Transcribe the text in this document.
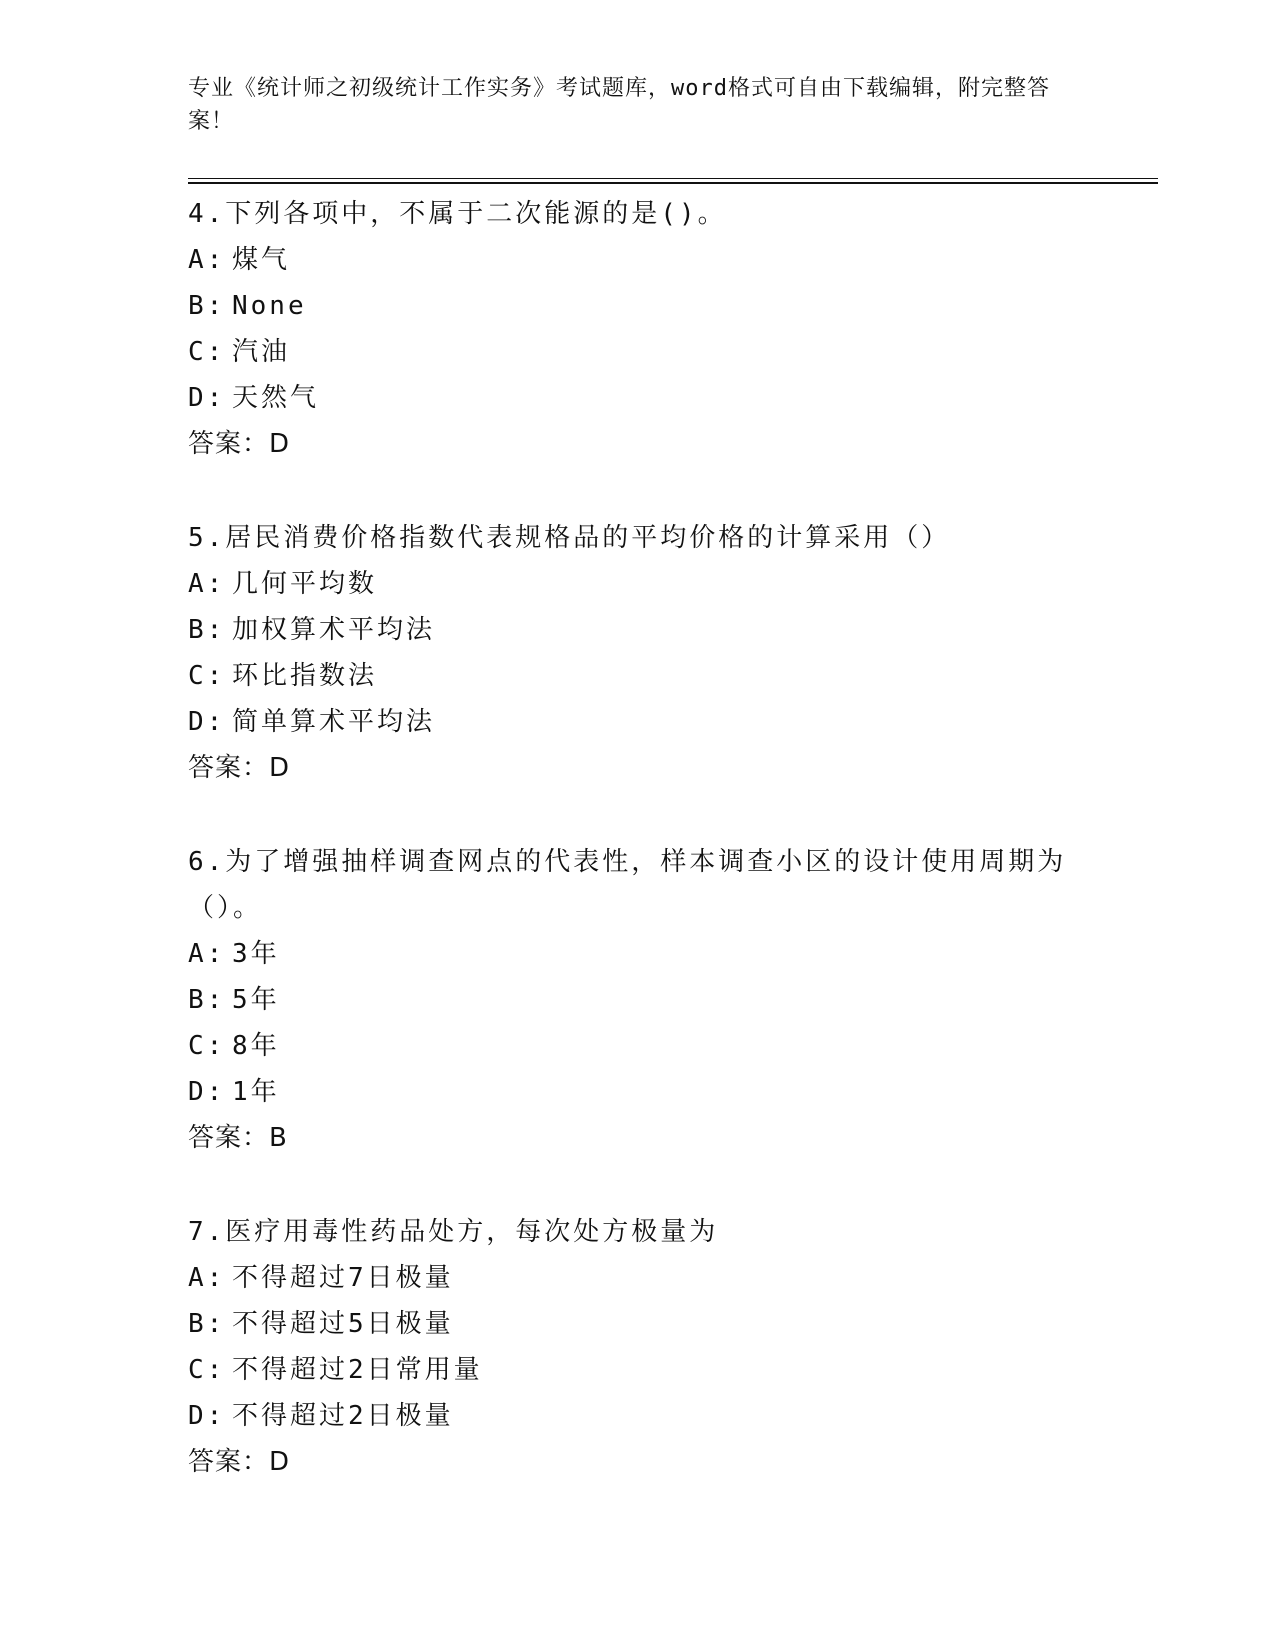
专业《统计师之初级统计工作实务》考试题库，word格式可自由下载编辑，附完整答案！

4.下列各项中，不属于二次能源的是()。

A: 煤气

B: None

C: 汽油

D: 天然气

答案：D

5.居民消费价格指数代表规格品的平均价格的计算采用（）

A: 几何平均数

B: 加权算术平均法

C: 环比指数法

D: 简单算术平均法

答案：D

6.为了增强抽样调查网点的代表性，样本调查小区的设计使用周期为（）。

A: 3年

B: 5年

C: 8年

D: 1年

答案：B

7.医疗用毒性药品处方，每次处方极量为

A: 不得超过7日极量

B: 不得超过5日极量

C: 不得超过2日常用量

D: 不得超过2日极量

答案：D
